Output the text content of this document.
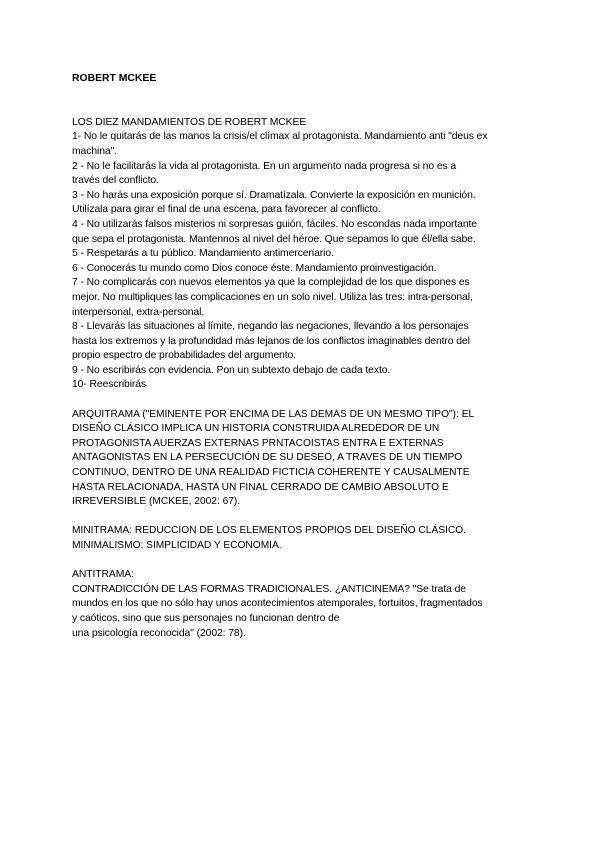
ROBERT MCKEE
LOS DIEZ MANDAMIENTOS DE ROBERT MCKEE
1- No le quitarás de las manos la crisis/el clímax al protagonista. Mandamiento anti "deus ex
machina".
2 - No le facilitarás la vida al protagonista. En un argumento nada progresa si no es a
través del conflicto.
3 - No harás una exposición porque sí. Dramatízala. Convierte la exposición en munición.
Utilízala para girar el final de una escena, para favorecer al conflicto.
4 - No utilizarás falsos misterios ni sorpresas guión, fáciles. No escondas nada importante
que sepa el protagonista. Mantennos al nivel del héroe. Que sepamos lo que él/ella sabe.
5 - Respetarás a tu público. Mandamiento antimercenario.
6 - Conocerás tu mundo como Dios conoce éste. Mandamiento proinvestigación.
7 - No complicarás con nuevos elementos ya que la complejidad de los que dispones es
mejor. No multipliques las complicaciones en un solo nivel. Utiliza las tres: intra-personal,
interpersonal, extra-personal.
8 - Llevarás las situaciones al límite, negando las negaciones, llevando a los personajes
hasta los extremos y la profundidad más lejanos de los conflictos imaginables dentro del
propio espectro de probabilidades del argumento.
9 - No escribirás con evidencia. Pon un subtexto debajo de cada texto.
10- Reescribirás
ARQUITRAMA ("EMINENTE POR ENCIMA DE LAS DEMAS DE UN MESMO TIPO"): EL
DISEÑO CLÁSICO IMPLICA UN HISTORIA CONSTRUIDA ALREDEDOR DE UN
PROTAGONISTA AUERZAS EXTERNAS PRNTACOISTAS ENTRA E EXTERNAS
ANTAGONISTAS EN LA PERSECUCIÓN DE SU DESEO, A TRAVES DE UN TIEMPO
CONTINUO, DENTRO DE UNA REALIDAD FICTICIA COHERENTE Y CAUSALMENTE
HASTA RELACIONADA, HASTA UN FINAL CERRADO DE CAMBIO ABSOLUTO E
IRREVERSIBLE (MCKEE, 2002: 67).
MINITRAMA: REDUCCION DE LOS ELEMENTOS PROPIOS DEL DISEÑO CLÁSICO.
MINIMALISMO: SIMPLICIDAD Y ECONOMIA.
ANTITRAMA:
CONTRADICCIÓN DE LAS FORMAS TRADICIONALES. ¿ANTICINEMA? "Se trata de
mundos en los que no sólo hay unos acontecimientos atemporales, fortuitos, fragmentados
y caóticos, sino que sus personajes no funcionan dentro de
una psicología reconocida" (2002: 78).
